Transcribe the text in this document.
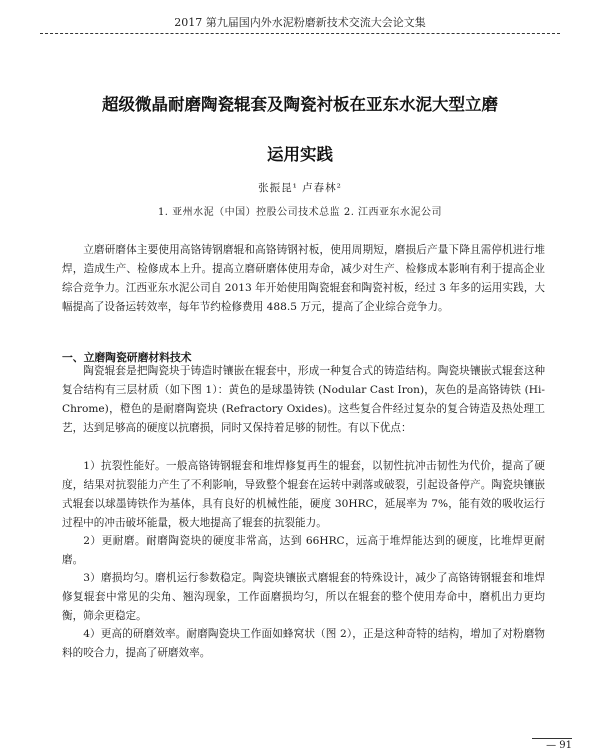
2017 第九届国内外水泥粉磨新技术交流大会论文集
超级微晶耐磨陶瓷辊套及陶瓷衬板在亚东水泥大型立磨
运用实践
张振昆¹ 卢春林²
1. 亚州水泥（中国）控股公司技术总监 2. 江西亚东水泥公司

立磨研磨体主要使用高铬铸钢磨辊和高铬铸钢衬板，使用周期短，磨损后产量下降且需停机进行堆焊，造成生产、检修成本上升。提高立磨研磨体使用寿命，减少对生产、检修成本影响有利于提高企业综合竞争力。江西亚东水泥公司自 2013 年开始使用陶瓷辊套和陶瓷衬板，经过 3 年多的运用实践，大幅提高了设备运转效率，每年节约检修费用 488.5 万元，提高了企业综合竞争力。

一、立磨陶瓷研磨材料技术

陶瓷辊套是把陶瓷块于铸造时镶嵌在辊套中，形成一种复合式的铸造结构。陶瓷块镶嵌式辊套这种复合结构有三层材质（如下图 1）：黄色的是球墨铸铁 (Nodular Cast Iron)，灰色的是高铬铸铁 (Hi-Chrome)，橙色的是耐磨陶瓷块 (Refractory Oxides)。这些复合件经过复杂的复合铸造及热处理工艺，达到足够高的硬度以抗磨损，同时又保持着足够的韧性。有以下优点：

1）抗裂性能好。一般高铬铸钢辊套和堆焊修复再生的辊套，以韧性抗冲击韧性为代价，提高了硬度，结果对抗裂能力产生了不利影响，导致整个辊套在运转中剥落或破裂，引起设备停产。陶瓷块镶嵌式辊套以球墨铸铁作为基体，具有良好的机械性能，硬度 30HRC，延展率为 7%，能有效的吸收运行过程中的冲击破坏能量，极大地提高了辊套的抗裂能力。

2）更耐磨。耐磨陶瓷块的硬度非常高，达到 66HRC，远高于堆焊能达到的硬度，比堆焊更耐磨。

3）磨损均匀。磨机运行参数稳定。陶瓷块镶嵌式磨辊套的特殊设计，减少了高铬铸钢辊套和堆焊修复辊套中常见的尖角、翘沟现象，工作面磨损均匀，所以在辊套的整个使用寿命中，磨机出力更均衡，筛余更稳定。

4）更高的研磨效率。耐磨陶瓷块工作面如蜂窝状（图 2），正是这种奇特的结构，增加了对粉磨物料的咬合力，提高了研磨效率。

— 91
